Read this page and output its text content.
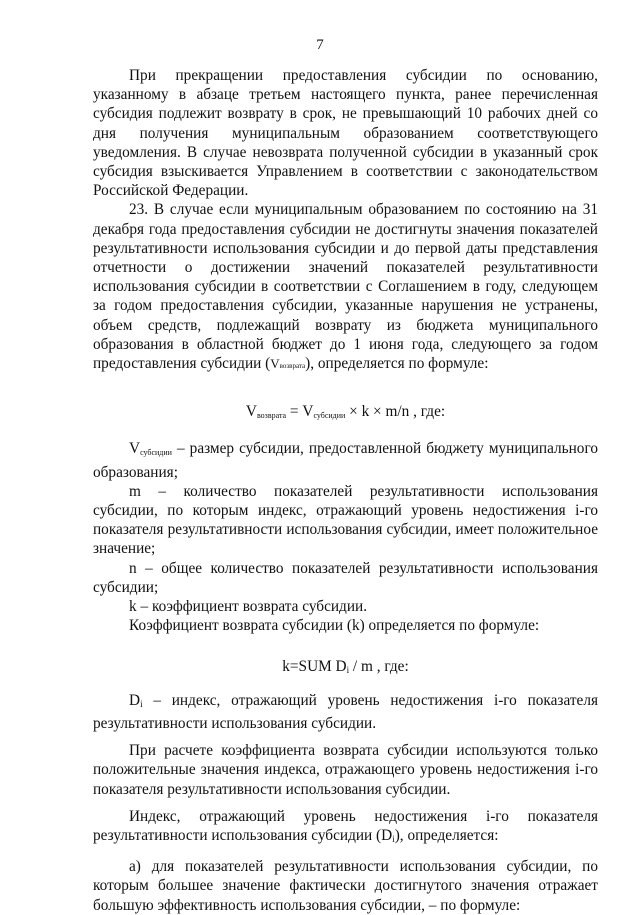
7

При прекращении предоставления субсидии по основанию, указанному в абзаце третьем настоящего пункта, ранее перечисленная субсидия подлежит возврату в срок, не превышающий 10 рабочих дней со дня получения муниципальным образованием соответствующего уведомления. В случае невозврата полученной субсидии в указанный срок субсидия взыскивается Управлением в соответствии с законодательством Российской Федерации.

23. В случае если муниципальным образованием по состоянию на 31 декабря года предоставления субсидии не достигнуты значения показателей результативности использования субсидии и до первой даты представления отчетности о достижении значений показателей результативности использования субсидии в соответствии с Соглашением в году, следующем за годом предоставления субсидии, указанные нарушения не устранены, объем средств, подлежащий возврату из бюджета муниципального образования в областной бюджет до 1 июня года, следующего за годом предоставления субсидии (Vвозврата), определяется по формуле:

$V_{возврата} = V_{субсидии} \times k \times m/n$ , где:

$V_{субсидии}$ – размер субсидии, предоставленной бюджету муниципального образования;

m – количество показателей результативности использования субсидии, по которым индекс, отражающий уровень недостижения i-го показателя результативности использования субсидии, имеет положительное значение;

n – общее количество показателей результативности использования субсидии;

k – коэффициент возврата субсидии.

Коэффициент возврата субсидии (k) определяется по формуле:

k=SUM $D_i$ / m , где:

$D_i$ – индекс, отражающий уровень недостижения i-го показателя результативности использования субсидии.

При расчете коэффициента возврата субсидии используются только положительные значения индекса, отражающего уровень недостижения i-го показателя результативности использования субсидии.

Индекс, отражающий уровень недостижения i-го показателя результативности использования субсидии $(D_i)$, определяется:

а) для показателей результативности использования субсидии, по которым большее значение фактически достигнутого значения отражает большую эффективность использования субсидии, – по формуле:
